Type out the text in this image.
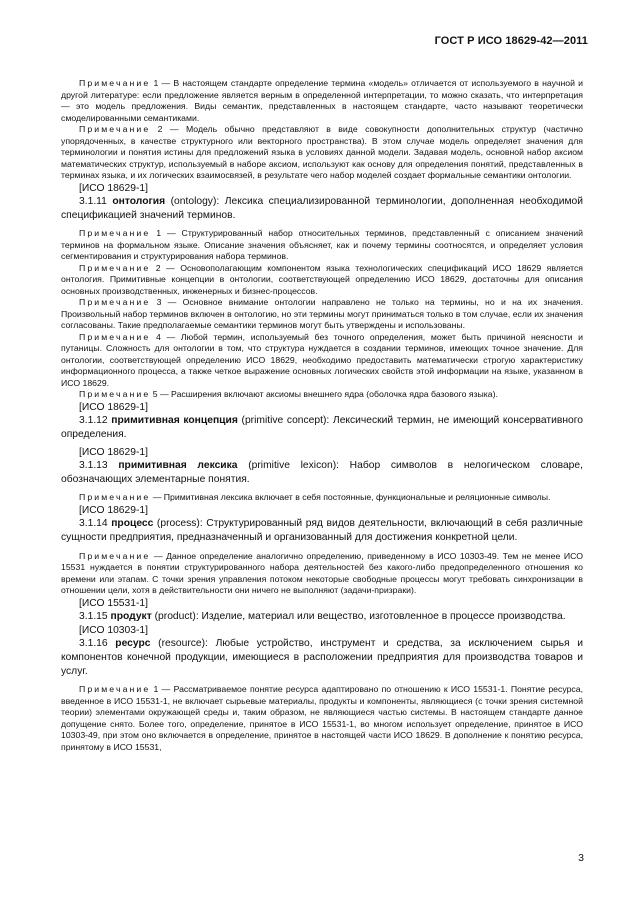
ГОСТ Р ИСО 18629-42—2011

Примечание 1 — В настоящем стандарте определение термина «модель» отличается от используемого в научной и другой литературе: если предложение является верным в определенной интерпретации, то можно сказать, что интерпретация — это модель предложения. Виды семантик, представленных в настоящем стандарте, часто называют теоретически смоделированными семантиками.

Примечание 2 — Модель обычно представляют в виде совокупности дополнительных структур (частично упорядоченных, в качестве структурного или векторного пространства). В этом случае модель определяет значения для терминологии и понятия истины для предложений языка в условиях данной модели. Задавая модель, основной набор аксиом математических структур, используемый в наборе аксиом, используют как основу для определения понятий, представленных в терминах языка, и их логических взаимосвязей, в результате чего набор моделей создает формальные семантики онтологии.

[ИСО 18629-1]

3.1.11 онтология (ontology): Лексика специализированной терминологии, дополненная необходимой спецификацией значений терминов.

Примечание 1 — Структурированный набор относительных терминов, представленный с описанием значений терминов на формальном языке. Описание значения объясняет, как и почему термины соотносятся, и определяет условия сегментирования и структурирования набора терминов.

Примечание 2 — Основополагающим компонентом языка технологических спецификаций ИСО 18629 является онтология. Примитивные концепции в онтологии, соответствующей определению ИСО 18629, достаточны для описания основных производственных, инженерных и бизнес-процессов.

Примечание 3 — Основное внимание онтологии направлено не только на термины, но и на их значения. Произвольный набор терминов включен в онтологию, но эти термины могут приниматься только в том случае, если их значения согласованы. Такие предполагаемые семантики терминов могут быть утверждены и использованы.

Примечание 4 — Любой термин, используемый без точного определения, может быть причиной неясности и путаницы. Сложность для онтологии в том, что структура нуждается в создании терминов, имеющих точное значение. Для онтологии, соответствующей определению ИСО 18629, необходимо предоставить математически строгую характеристику информационного процесса, а также четкое выражение основных логических свойств этой информации на языке, указанном в ИСО 18629.

Примечание 5 — Расширения включают аксиомы внешнего ядра (оболочка ядра базового языка).

[ИСО 18629-1]

3.1.12 примитивная концепция (primitive concept): Лексический термин, не имеющий консервативного определения.

[ИСО 18629-1]

3.1.13 примитивная лексика (primitive lexicon): Набор символов в нелогическом словаре, обозначающих элементарные понятия.

Примечание — Примитивная лексика включает в себя постоянные, функциональные и реляционные символы.

[ИСО 18629-1]

3.1.14 процесс (process): Структурированный ряд видов деятельности, включающий в себя различные сущности предприятия, предназначенный и организованный для достижения конкретной цели.

Примечание — Данное определение аналогично определению, приведенному в ИСО 10303-49. Тем не менее ИСО 15531 нуждается в понятии структурированного набора деятельностей без какого-либо предопределенного отношения ко времени или этапам. С точки зрения управления потоком некоторые свободные процессы могут требовать синхронизации в отношении цели, хотя в действительности они ничего не выполняют (задачи-призраки).

[ИСО 15531-1]

3.1.15 продукт (product): Изделие, материал или вещество, изготовленное в процессе производства.

[ИСО 10303-1]

3.1.16 ресурс (resource): Любые устройство, инструмент и средства, за исключением сырья и компонентов конечной продукции, имеющиеся в расположении предприятия для производства товаров и услуг.

Примечание 1 — Рассматриваемое понятие ресурса адаптировано по отношению к ИСО 15531-1. Понятие ресурса, введенное в ИСО 15531-1, не включает сырьевые материалы, продукты и компоненты, являющиеся (с точки зрения системной теории) элементами окружающей среды и, таким образом, не являющиеся частью системы. В настоящем стандарте данное допущение снято. Более того, определение, принятое в ИСО 15531-1, во многом использует определение, принятое в ИСО 10303-49, при этом оно включается в определение, принятое в настоящей части ИСО 18629. В дополнение к понятию ресурса, принятому в ИСО 15531,

3
